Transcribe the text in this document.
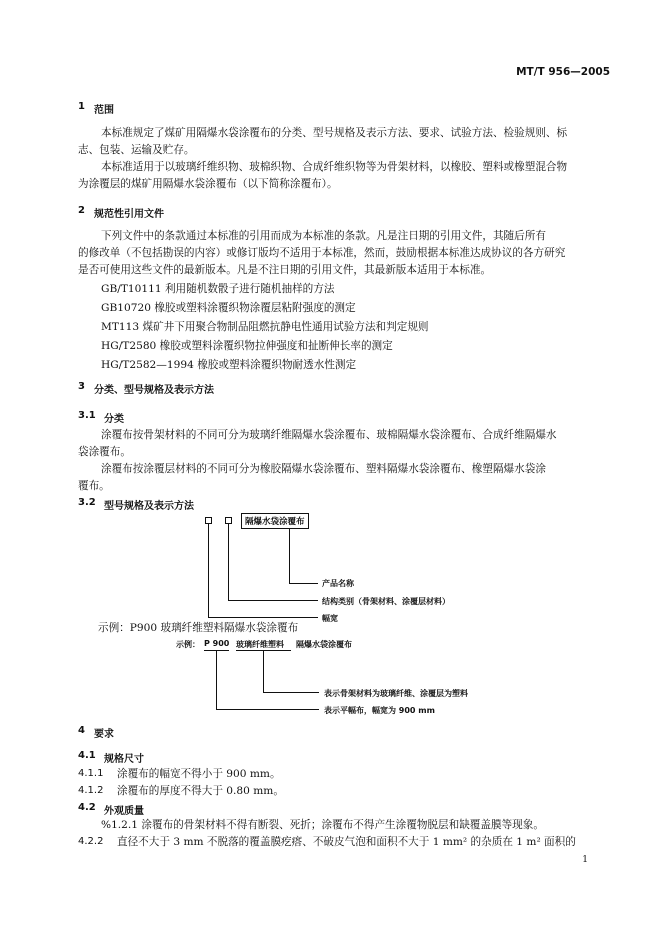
MT/T 956—2005
1 范围
本标准规定了煤矿用隔爆水袋涂覆布的分类、型号规格及表示方法、要求、试验方法、检验规则、标
志、包装、运输及贮存。
本标准适用于以玻璃纤维织物、玻棉织物、合成纤维织物等为骨架材料，以橡胶、塑料或橡塑混合物
为涂覆层的煤矿用隔爆水袋涂覆布（以下简称涂覆布）。
2 规范性引用文件
下列文件中的条款通过本标准的引用而成为本标准的条款。凡是注日期的引用文件，其随后所有
的修改单（不包括勘误的内容）或修订版均不适用于本标准，然而，鼓励根据本标准达成协议的各方研究
是否可使用这些文件的最新版本。凡是不注日期的引用文件，其最新版本适用于本标准。
GB/T10111 利用随机数骰子进行随机抽样的方法
GB10720 橡胶或塑料涂覆织物涂覆层粘附强度的测定
MT113 煤矿井下用聚合物制品阻燃抗静电性通用试验方法和判定规则
HG/T2580 橡胶或塑料涂覆织物拉伸强度和扯断伸长率的测定
HG/T2582—1994 橡胶或塑料涂覆织物耐透水性测定
3 分类、型号规格及表示方法
3.1 分类
涂覆布按骨架材料的不同可分为玻璃纤维隔爆水袋涂覆布、玻棉隔爆水袋涂覆布、合成纤维隔爆水
袋涂覆布。
涂覆布按涂覆层材料的不同可分为橡胶隔爆水袋涂覆布、塑料隔爆水袋涂覆布、橡塑隔爆水袋涂
覆布。
3.2 型号规格及表示方法
隔爆水袋涂覆布
产品名称
结构类别（骨架材料、涂覆层材料）
幅宽
示例：P900 玻璃纤维塑料隔爆水袋涂覆布
示例： P 900 玻璃纤维塑料 隔爆水袋涂覆布
表示骨架材料为玻璃纤维、涂覆层为塑料
表示平幅布，幅宽为 900 mm
4 要求
4.1 规格尺寸
4.1.1 涂覆布的幅宽不得小于 900 mm。
4.1.2 涂覆布的厚度不得大于 0.80 mm。
4.2 外观质量
%1.2.1 涂覆布的骨架材料不得有断裂、死折；涂覆布不得产生涂覆物脱层和缺覆盖膜等现象。
4.2.2 直径不大于 3 mm 不脱落的覆盖膜疙瘩、不破皮气泡和面积不大于 1 mm² 的杂质在 1 m² 面积的
1
